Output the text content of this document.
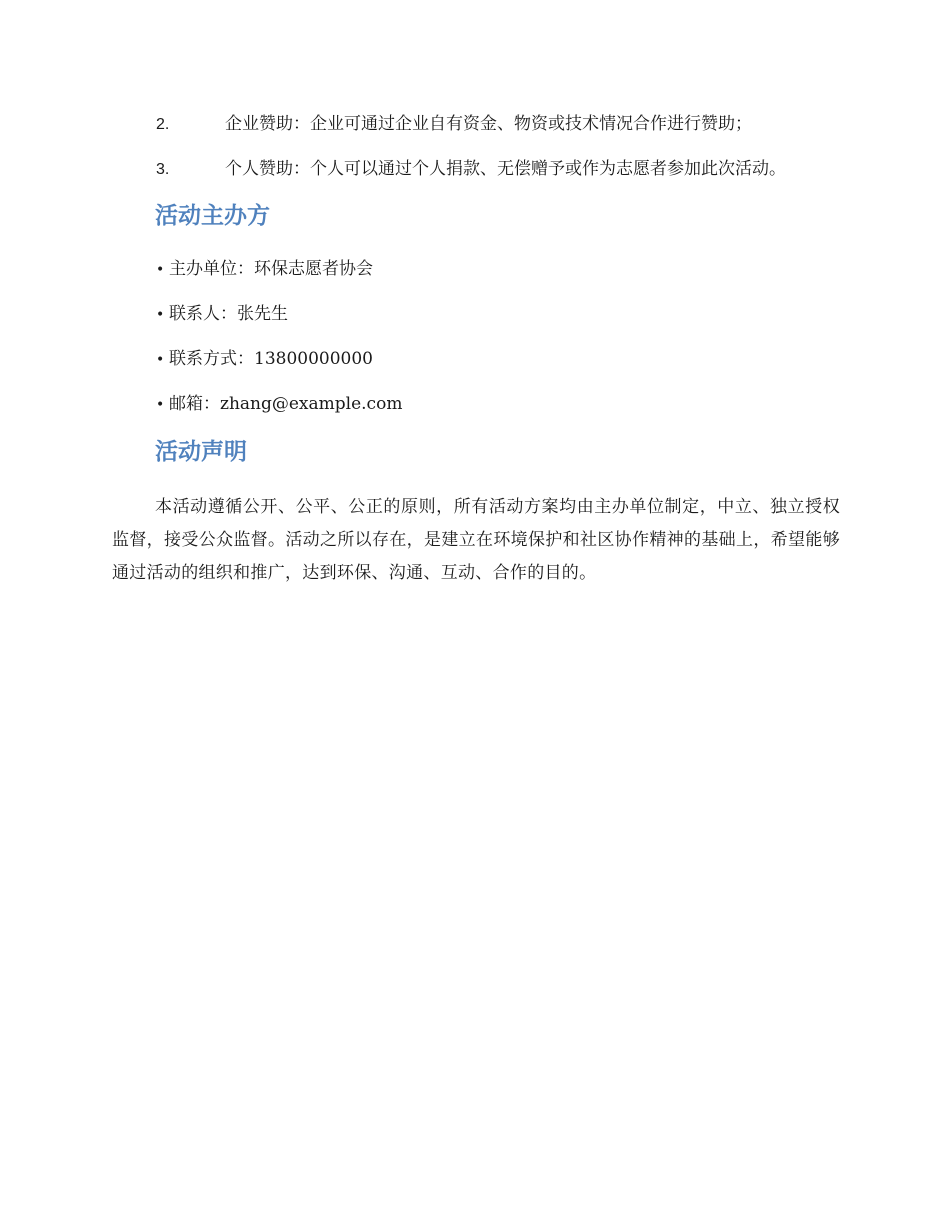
2.	企业赞助：企业可通过企业自有资金、物资或技术情况合作进行赞助；
3.	个人赞助：个人可以通过个人捐款、无偿赠予或作为志愿者参加此次活动。
活动主办方
• 主办单位：环保志愿者协会
• 联系人：张先生
• 联系方式：13800000000
• 邮箱：zhang@example.com
活动声明

本活动遵循公开、公平、公正的原则，所有活动方案均由主办单位制定，中立、独立授权监督，接受公众监督。活动之所以存在，是建立在环境保护和社区协作精神的基础上，希望能够通过活动的组织和推广，达到环保、沟通、互动、合作的目的。
